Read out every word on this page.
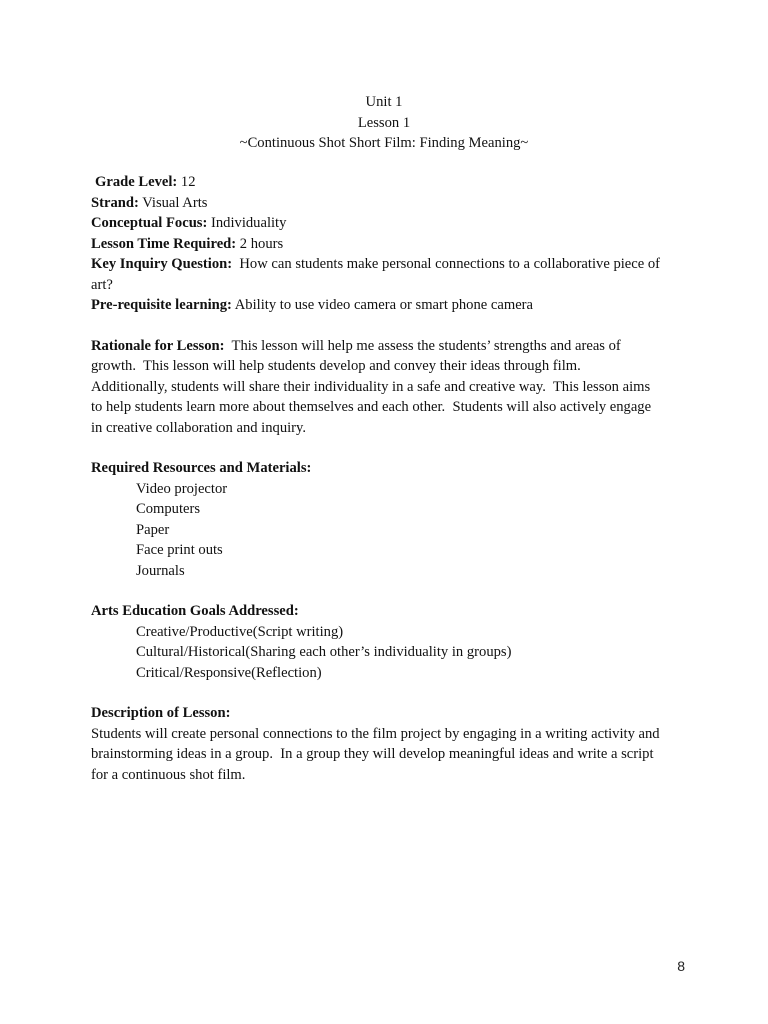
Unit 1
Lesson 1
~Continuous Shot Short Film: Finding Meaning~
Grade Level: 12
Strand: Visual Arts
Conceptual Focus: Individuality
Lesson Time Required: 2 hours
Key Inquiry Question:  How can students make personal connections to a collaborative piece of
art?
Pre-requisite learning: Ability to use video camera or smart phone camera
Rationale for Lesson:  This lesson will help me assess the students’ strengths and areas of
growth.  This lesson will help students develop and convey their ideas through film.
Additionally, students will share their individuality in a safe and creative way.  This lesson aims
to help students learn more about themselves and each other.  Students will also actively engage
in creative collaboration and inquiry.
Required Resources and Materials:
Video projector
Computers
Paper
Face print outs
Journals
Arts Education Goals Addressed:
Creative/Productive(Script writing)
Cultural/Historical(Sharing each other’s individuality in groups)
Critical/Responsive(Reflection)
Description of Lesson:
Students will create personal connections to the film project by engaging in a writing activity and
brainstorming ideas in a group.  In a group they will develop meaningful ideas and write a script
for a continuous shot film.
8
